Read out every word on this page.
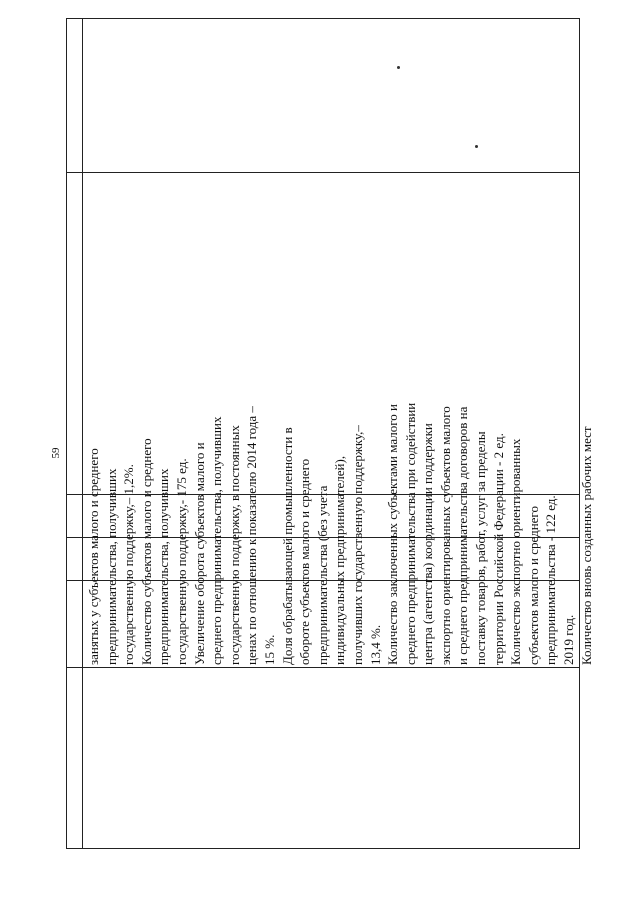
59 занятых у субъектов малого и среднего предпринимательства, получивших государственную поддержку,– 1,2%. Количество субъектов малого и среднего предпринимательства, получивших государственную поддержку,- 175 ед. Увеличение оборота субъектов малого и среднего предпринимательства, получивших государственную поддержку, в постоянных ценах по отношению к показателю 2014 года – 15 %. Доля обрабатывающей промышленности в обороте субъектов малого и среднего предпринимательства (без учета индивидуальных предпринимателей), получивших государственную поддержку,– 13,4 %. Количество заключенных субъектами малого и среднего предпринимательства при содействии центра (агентства) координации поддержки экспортно ориентированных субъектов малого и среднего предпринимательства договоров на поставку товаров, работ, услуг за пределы территории Российской Федерации - 2 ед. Количество экспортно ориентированных субъектов малого и среднего предпринимательства - 122 ед. 2019 год. Количество вновь созданных рабочих мест
